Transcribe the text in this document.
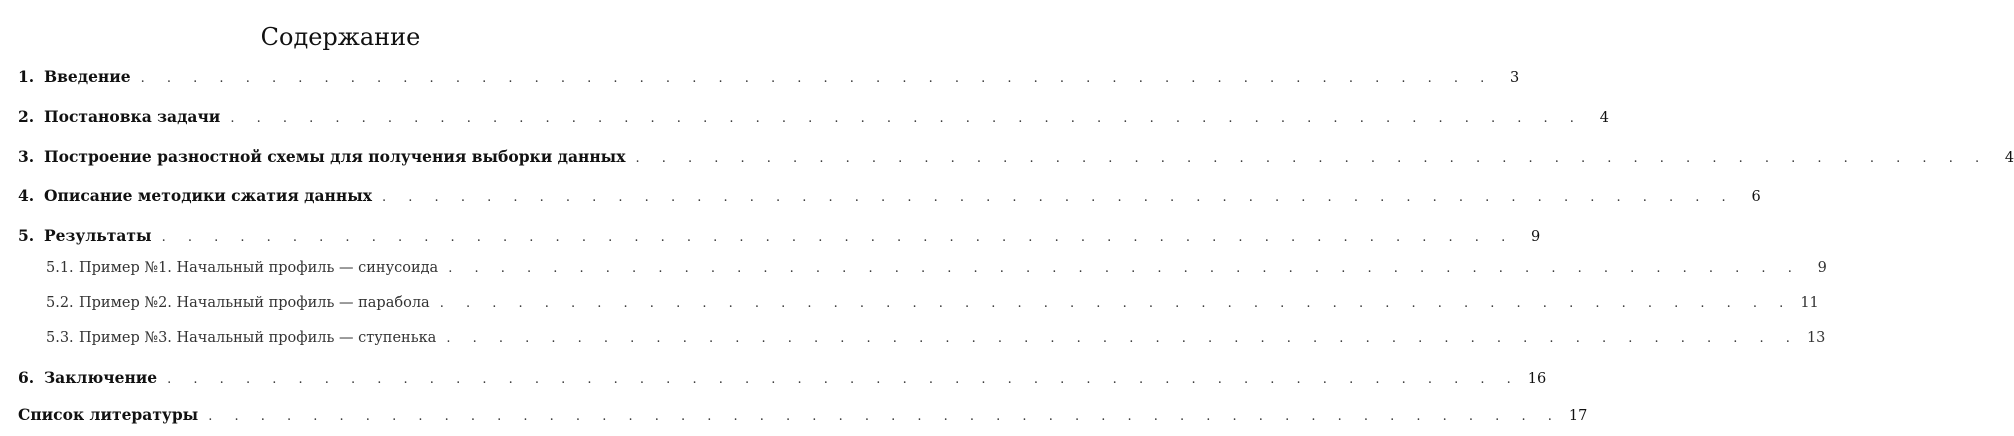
Содержание
1. Введение . . . . . . . . . . . . . . . . . . . . . . . . . . . . . . . . . . . . . . . . . . . . . . . . . . . .	3
2. Постановка задачи . . . . . . . . . . . . . . . . . . . . . . . . . . . . . . . . . . . . . . . . . . . . . . . . . . . .	4
3. Построение разностной схемы для получения выборки данных . . . . . . . . . . . . . . . . . . . . . . . . . . . . . . . . . . . . . . . . . . . . . . . . . . . .	4
4. Описание методики сжатия данных . . . . . . . . . . . . . . . . . . . . . . . . . . . . . . . . . . . . . . . . . . . . . . . . . . . .	6
5. Результаты . . . . . . . . . . . . . . . . . . . . . . . . . . . . . . . . . . . . . . . . . . . . . . . . . . . .	9
5.1. Пример №1. Начальный профиль — синусоида . . . . . . . . . . . . . . . . . . . . . . . . . . . . . . . . . . . . . . . . . . . . . . . . . . . .	9
5.2. Пример №2. Начальный профиль — парабола . . . . . . . . . . . . . . . . . . . . . . . . . . . . . . . . . . . . . . . . . . . . . . . . . . . . 11
5.3. Пример №3. Начальный профиль — ступенька . . . . . . . . . . . . . . . . . . . . . . . . . . . . . . . . . . . . . . . . . . . . . . . . . . . . 13
6. Заключение . . . . . . . . . . . . . . . . . . . . . . . . . . . . . . . . . . . . . . . . . . . . . . . . . . . . 16
Список литературы . . . . . . . . . . . . . . . . . . . . . . . . . . . . . . . . . . . . . . . . . . . . . . . . . . . . 17
